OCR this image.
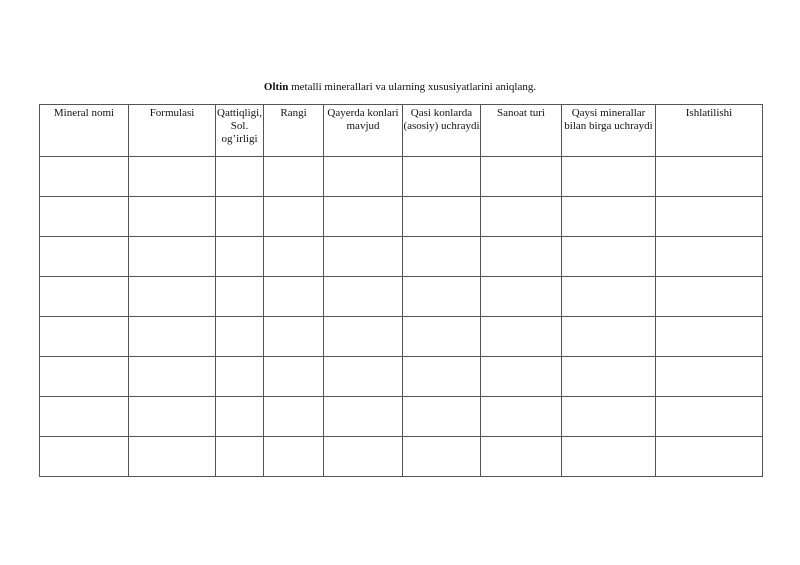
Oltin metalli minerallari va ularning xususiyatlarini aniqlang.
Mineral nomi	Formulasi	Qattiqligi, Sol. og’irligi	Rangi	Qayerda konlari mavjud	Qasi konlarda (asosiy) uchraydi	Sanoat turi	Qaysi minerallar bilan birga uchraydi	Ishlatilishi
